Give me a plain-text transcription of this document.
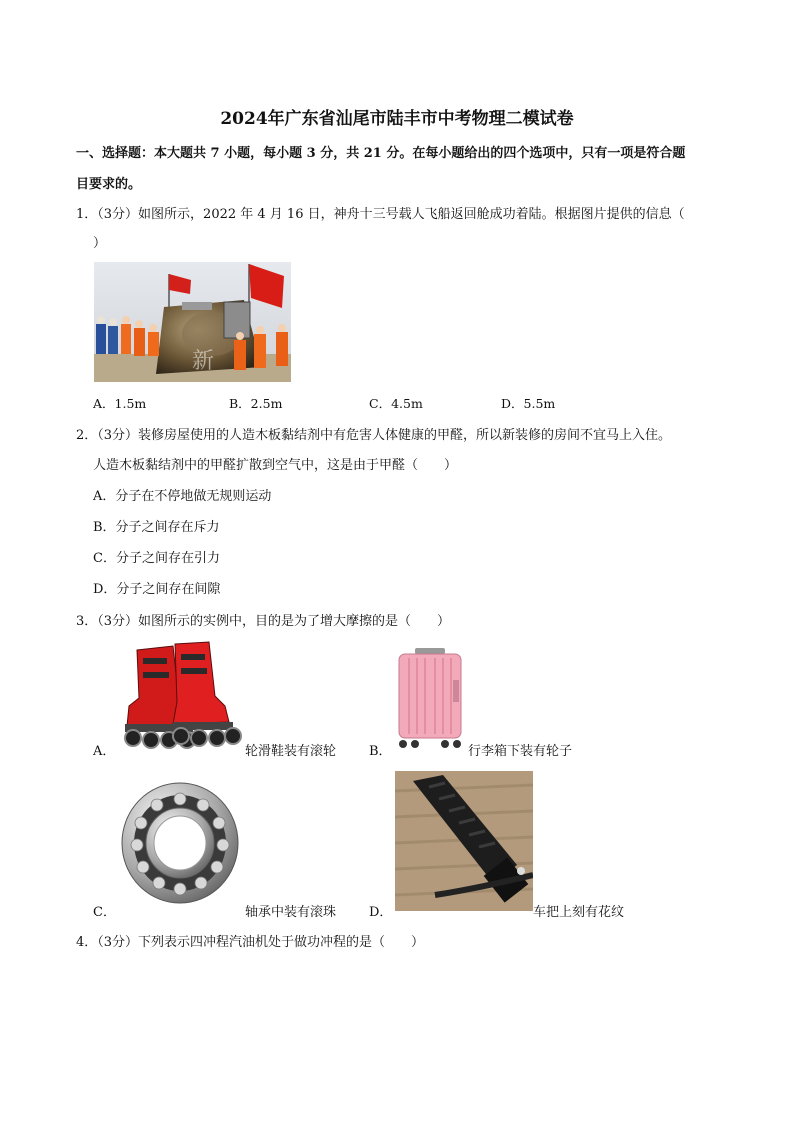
2024年广东省汕尾市陆丰市中考物理二模试卷
一、选择题：本大题共 7 小题，每小题 3 分，共 21 分。在每小题给出的四个选项中，只有一项是符合题
目要求的。
1．（3分）如图所示，2022 年 4 月 16 日，神舟十三号载人飞船返回舱成功着陆。根据图片提供的信息（
）
新
A．1.5m	B．2.5m	C．4.5m	D．5.5m
2．（3分）装修房屋使用的人造木板黏结剂中有危害人体健康的甲醛，所以新装修的房间不宜马上入住。
人造木板黏结剂中的甲醛扩散到空气中，这是由于甲醛（　　）
A．分子在不停地做无规则运动
B．分子之间存在斥力
C．分子之间存在引力
D．分子之间存在间隙
3．（3分）如图所示的实例中，目的是为了增大摩擦的是（　　）
A．	轮滑鞋装有滚轮	B．	行李箱下装有轮子
C．	轴承中装有滚珠	D．	车把上刻有花纹
4．（3分）下列表示四冲程汽油机处于做功冲程的是（　　）
